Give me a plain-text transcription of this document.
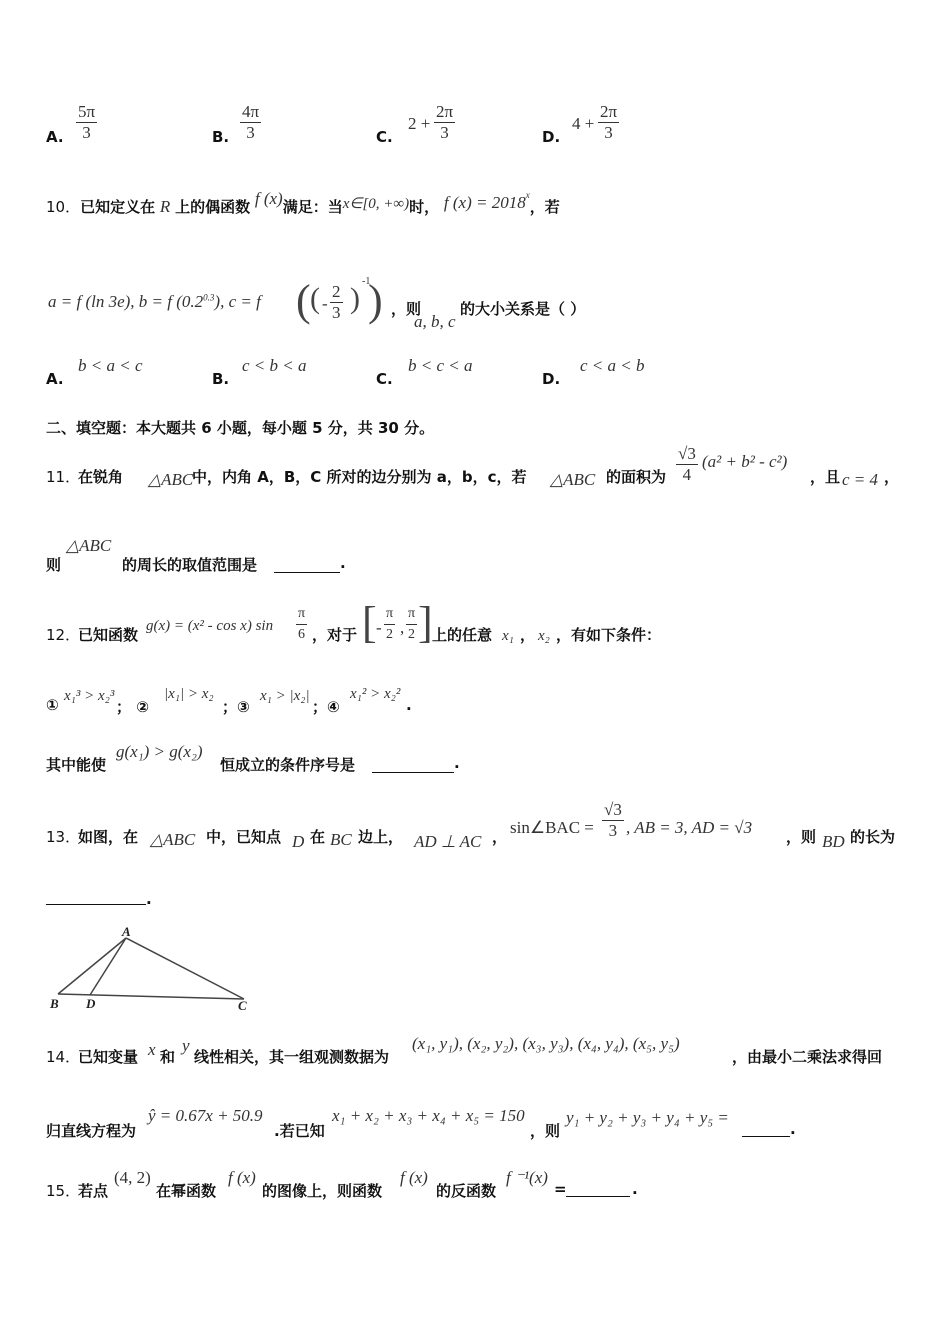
A. $\frac{5\pi}{3}$	B. $\frac{4\pi}{3}$	C.
$2 + \frac{2\pi}{3}$	D.
$4 + \frac{2\pi}{3}$
10．已知定义在 R 上的偶函数 f (x)满足：当x∈[0, +∞)时， f $(x) = 2018^x$，若
a = f (ln 3e), b = f $(0.2^{0.3})$, c = f ( ( - $\frac{2}{3}$ )
-1
) ，则
a, b, c
的大小关系是（ ）
A.
b < a < c
B.
c < b < a
C.
b < c < a
D.
c < a < b
二、填空题：本大题共 6 小题，每小题 5 分，共 30 分。
11．
在锐角 △ABC
中，内角 A，B，C 所对的边分别为 a，b，c，若 △ABC 的面积为 $\frac{√3}{4} (a^2 + b^2 - c^2)$
，且 c = 4 ，
则
△ABC
的周长的取值范围是	.
12．
已知函数 g(x) = (x² - cos x) $\sin \frac{\pi}{6}$ ，对于 [ - $\frac{\pi}{2}$ , $\frac{\pi}{2}$ ] 上的任意 x₁ ， x₂ ，有如下条件：
① x₁³ > x₂³
； ②
|x₁| > x₂
；③
x₁ > |x₂|
；④
x₁² > x₂²
.
其中能使
g(x₁) > g(x₂)
恒成立的条件序号是	.
13．
如图，在 △ABC 中，已知点 D 在 BC 边上， AD ⊥ AC ， sin∠BAC = $\frac{√3}{3}$ , AB = 3, AD = √3 ，则 BD 的长为
.
A
B D	C
14．
已知变量 x 和
y
线性相关，其一组观测数据为
(x₁, y₁), (x₂, y₂), (x₃, y₃), (x₄, y₄), (x₅, y₅)
，由最小二乘法求得回
归直线方程为
ŷ = 0.67x + 50.9
.若已知
x₁ + x₂ + x₃ + x₄ + x₅ = 150
，则
y₁ + y₂ + y₃ + y₄ + y₅ =
.
15．
若点
(4, 2)
在幂函数
f (x)
的图像上，则函数
f (x)
的反函数
f ⁻¹(x)
=	.
